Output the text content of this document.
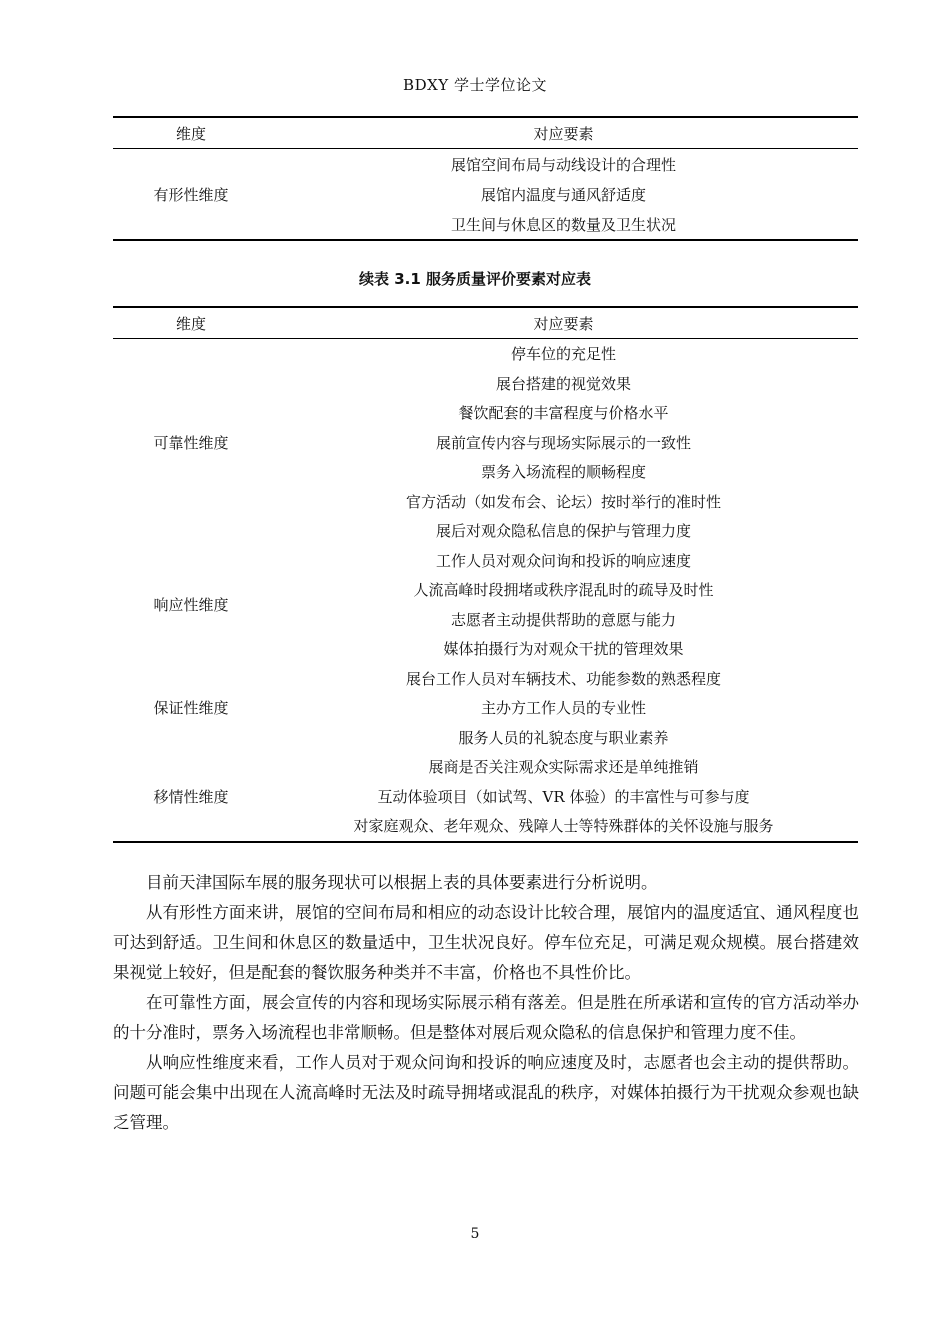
BDXY 学士学位论文
维度	对应要素
有形性维度	展馆空间布局与动线设计的合理性
	展馆内温度与通风舒适度
	卫生间与休息区的数量及卫生状况
续表 3.1 服务质量评价要素对应表
维度	对应要素
可靠性维度	停车位的充足性
	展台搭建的视觉效果
	餐饮配套的丰富程度与价格水平
	展前宣传内容与现场实际展示的一致性
	票务入场流程的顺畅程度
	官方活动（如发布会、论坛）按时举行的准时性
	展后对观众隐私信息的保护与管理力度
响应性维度	工作人员对观众问询和投诉的响应速度
	人流高峰时段拥堵或秩序混乱时的疏导及时性
	志愿者主动提供帮助的意愿与能力
	媒体拍摄行为对观众干扰的管理效果
保证性维度	展台工作人员对车辆技术、功能参数的熟悉程度
	主办方工作人员的专业性
	服务人员的礼貌态度与职业素养
移情性维度	展商是否关注观众实际需求还是单纯推销
	互动体验项目（如试驾、VR 体验）的丰富性与可参与度
	对家庭观众、老年观众、残障人士等特殊群体的关怀设施与服务

目前天津国际车展的服务现状可以根据上表的具体要素进行分析说明。

从有形性方面来讲，展馆的空间布局和相应的动态设计比较合理，展馆内的温度适宜、通风程度也可达到舒适。卫生间和休息区的数量适中，卫生状况良好。停车位充足，可满足观众规模。展台搭建效果视觉上较好，但是配套的餐饮服务种类并不丰富，价格也不具性价比。

在可靠性方面，展会宣传的内容和现场实际展示稍有落差。但是胜在所承诺和宣传的官方活动举办的十分准时，票务入场流程也非常顺畅。但是整体对展后观众隐私的信息保护和管理力度不佳。

从响应性维度来看，工作人员对于观众问询和投诉的响应速度及时，志愿者也会主动的提供帮助。问题可能会集中出现在人流高峰时无法及时疏导拥堵或混乱的秩序，对媒体拍摄行为干扰观众参观也缺乏管理。

5
